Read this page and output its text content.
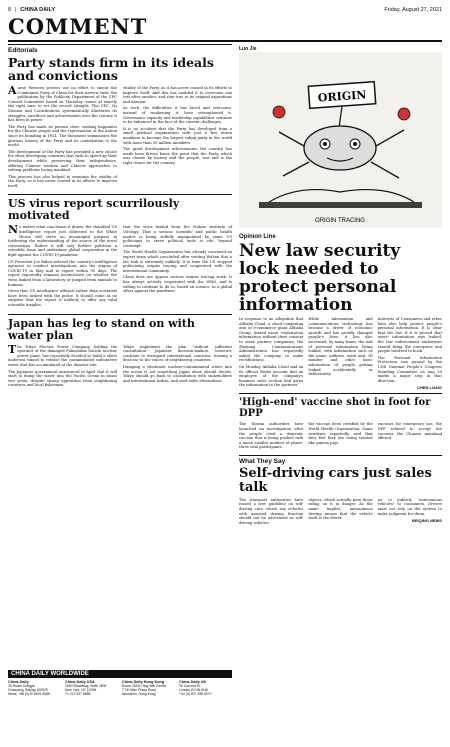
8 | CHINA DAILY	Friday, August 27, 2021
COMMENT
Editorials
Party stands firm in its ideals and convictions

Anese Western powers use no effort to smear the Communist Party of China for their narrow ends, the publication by the Publicity Department of the CPC Central Committee based on Thursday comes at exactly the right time to set the record straight. The CPC: Its Mission and Contributions systematically illustrates its struggles, sacrifices and achievements over the century it has been in power.

The Party has made its pursuit clear: seeking happiness for the Chinese people and the rejuvenation of the nation since its founding in 1921. The document summarizes the glorious history of the Party and its contribution to the world.

The development of the Party has provided a new choice for other developing countries that wish to speed up their development while preserving their independence, offering Chinese wisdom and Chinese approaches to solving problems facing mankind.

This process has also helped to maintain the vitality of the Party, as it has never ceased in its efforts to improve itself.

vitality of the Party, as it has never ceased in its efforts to improve itself. And this has enabled it to overcome one test after another, and stay true to its original aspirations and mission.

As such, the difficulties it has faced and overcome, instead of weakening it, have strengthened it. Governance capacity and leadership capabilities continue to be enhanced in the face of the current challenges.

It is no accident that the Party has developed from a small political organization with just a few dozen members to become the largest ruling party in the world with more than 95 million members.

The great development achievements the country has made have driven home the point that the Party, which was chosen by history and the people, was and is the right choice for the country.

US virus report scurrilously motivated

No matter what conclusion it draws, the classified US intelligence report just delivered to the White House will serve no meaningful purpose in furthering the understanding of the source of the novel coronavirus. Rather it will only further politicize a scientific issue and undermine global cooperation in the fight against the COVID-19 pandemic.

US President Joe Biden ordered the country's intelligence agencies to conduct investigations into the origins of COVID-19 in May and to report within 90 days. The report reportedly remains inconclusive on whether the virus leaked from a laboratory or jumped from animals to humans.

Given that US intelligence officials rather than scientists have been tasked with the probe, it should come as no surprise that the report is unlikely to offer any valid scientific insights.

that the virus leaked from the Wuhan Institute of Virology. That a serious scientific and public health matter is being wilfully manipulated by some US politicians to serve political ends is vile, beyond contempt.

The World Health Organization has already convened an expert team which concluded after visiting Wuhan that a lab leak is extremely unlikely. It is time the US stopped politicizing origins tracing and cooperated with the international community.

China does not oppose serious origins tracing work. It has always actively cooperated with the WHO, and is willing to continue to do so, based on science, in a global effort against the pandemic.

Japan has leg to stand on with water plan

The Tokyo Electric Power Company, holding the operator of the damaged Fukushima Daiichi nuclear power plant, has reportedly decided to build a sheet undersea tunnel to release the contaminated radioactive water that has accumulated at the disaster site.

The Japanese government announced in April that it will start to dump the water into the Pacific Ocean in about two years, despite strong opposition from neighboring countries and local fishermen.

Tokyo implement the plan "without sufficient consultation". Japanese decision-makers, however, continue to disregard international concerns, turning a deaf ear to the voices of neighboring countries.

Dumping a wholesale nuclear-contaminated water into the ocean is not something Japan alone should decide. Tokyo should go back to consultation with stakeholders and international bodies, and seek safer alternatives.

Luo Jie
ORIGIN
ORIGIN TRACING
Opinion Line
New law security lock needed to protect personal information

In response to an allegation that Alibaba Cloud, a cloud computing arm of e-commerce giant Alibaba Group, leaked users' registration information without their consent to some partner companies, the Zhejiang Communications Administration has reportedly asked the company to make rectifications.

On Monday, Alibaba Cloud said on its official Weibo account that an employee of the company's business sales section had given the information to the partners.

While information and communications technology has become a driver of economic growth and has greatly changed people's lives, it has also increased, by many times, the risk of personal information being leaked, with information such as the name, address, work unit, ID number and other basic information of people getting leaked accidentally or deliberately.

Interests of Consumers and other laws also help protect people's personal information. It is clear that the law, if it is proved that users' information was leaked, the law enforcement authorities should bring the enterprise and people involved to book.

The Personal Information Protection Law passed by the 13th National People's Congress Standing Committee on Aug 20 marks a major step in that direction.

CHEN LIANG
'High-end' vaccine shot in foot for DPP

The Taiwan authorities have launched an investigation after the people cited a domestic vaccine that is being pushed with a much smaller number of phase-three trial participants.

the vaccine been certified by the World Health Organization. Some residents reportedly said that they feel they are being treated like guinea pigs.

vaccines for emergency use, the DPP refused to accept the vaccines the Chinese mainland offered.

What They Say
Self-driving cars just sales talk

The transport authorities have issued a new guideline on self-driving cars, which say vehicles with assisted driving function should not be advertised as self-driving vehicles.

objects, which actually pose those riding on it in danger. As the name implies, autonomous driving means that the vehicle itself is the driver.

jor to publicly "autonomous vehicles" to consumers. Drivers must not rely on the system to make judgment for them.

BEIQING NEWS
CHINA DAILY WORLDWIDE
China Daily
15 Huixin Dongjie
Chaoyang, Beijing 100029
News: +86 (0)10 6491 8366
China Daily USA
1500 Broadway, Suite 2800
New York, NY 10036
+1 212 537 8888
China Daily Hong Kong
Room 1818, Hing Wai Centre
7 Tin Wan Praya Road
Aberdeen, Hong Kong
China Daily UK
90 Cannon St
London EC4N 6HA
+44 (0) 207 398 8270
